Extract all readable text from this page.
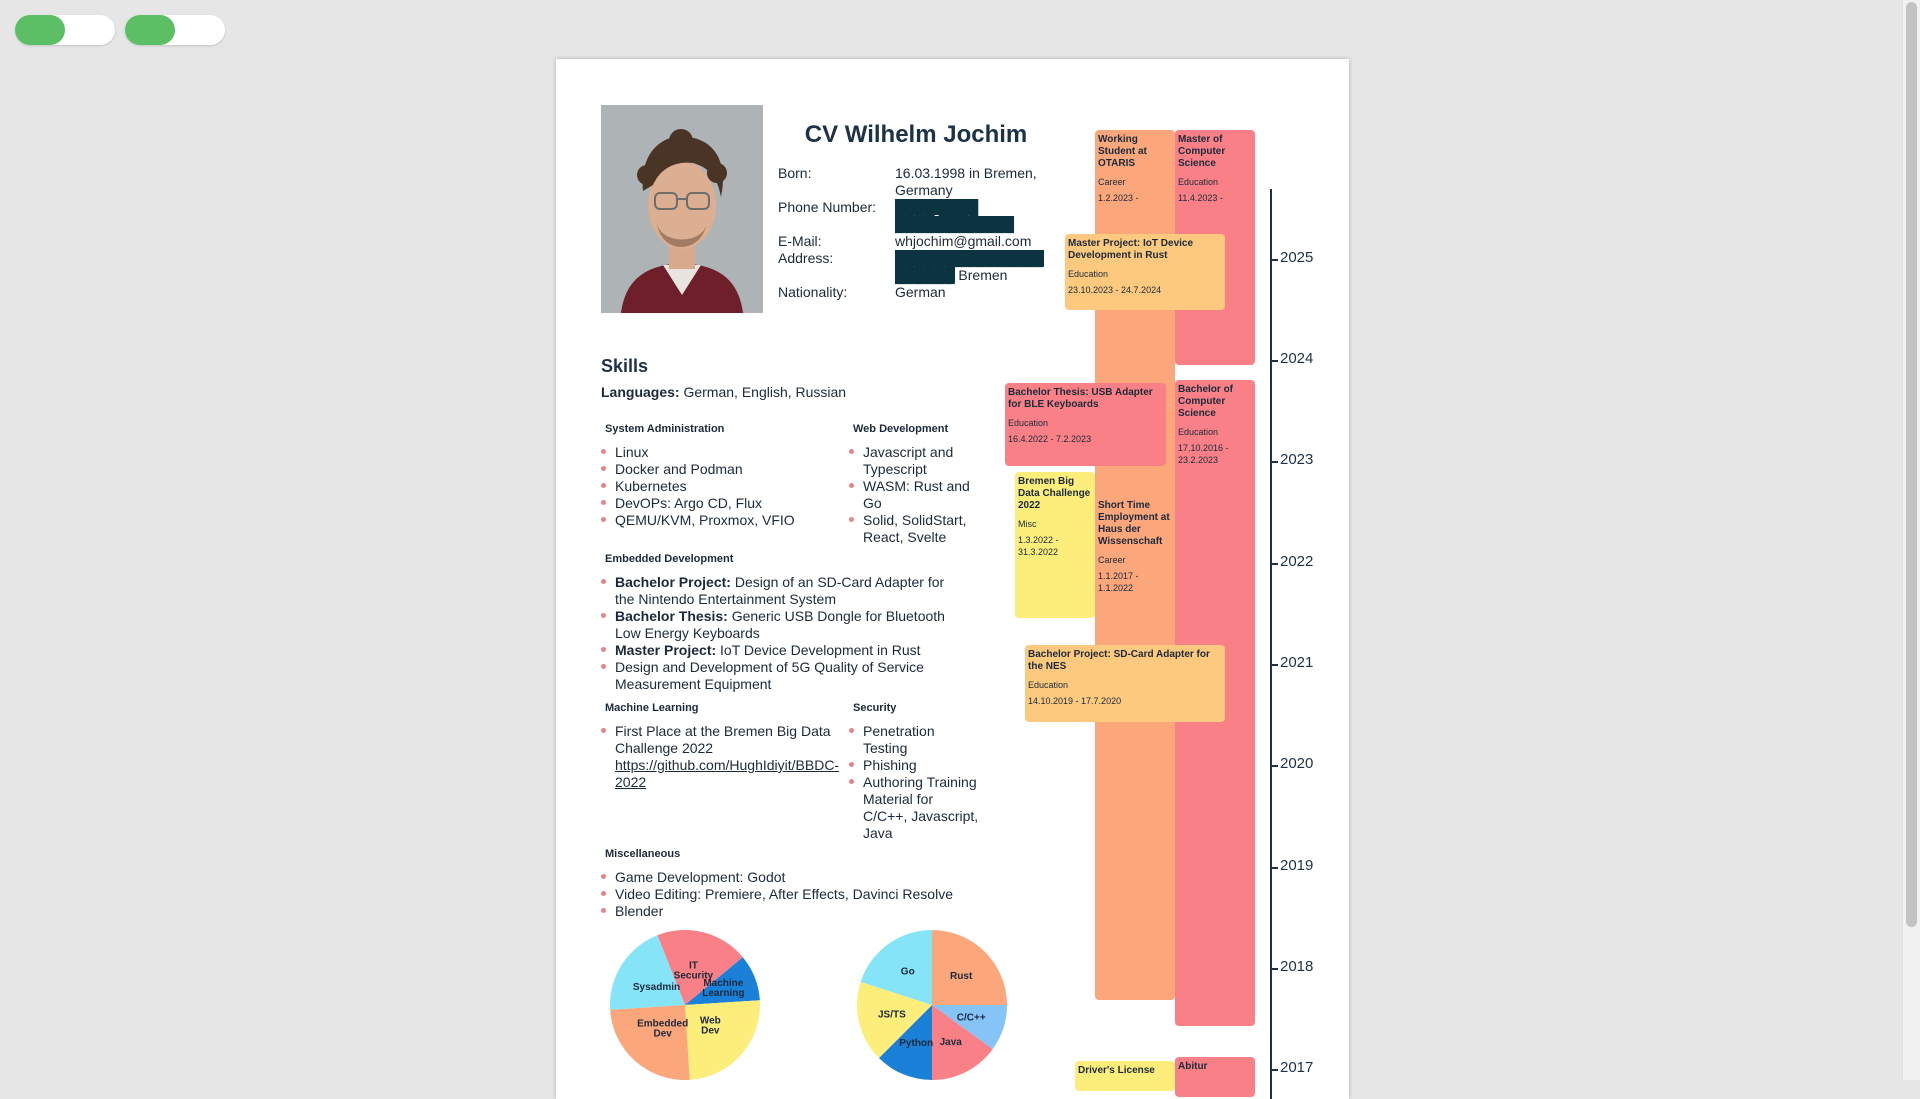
CV Wilhelm Jochim
Born:	16.03.1998 in Bremen, Germany
Phone Number:	████ ████ ████████████
E-Mail:	whjochim@gmail.com
Address:	███████████████
██████ Bremen
Nationality:	German
Skills
Languages: German, English, Russian
System Administration
Linux
Docker and Podman
Kubernetes
DevOPs: Argo CD, Flux
QEMU/KVM, Proxmox, VFIO
Web Development
Javascript and Typescript
WASM: Rust and Go
Solid, SolidStart, React, Svelte
Embedded Development
Bachelor Project: Design of an SD-Card Adapter for the Nintendo Entertainment System
Bachelor Thesis: Generic USB Dongle for Bluetooth Low Energy Keyboards
Master Project: IoT Device Development in Rust
Design and Development of 5G Quality of Service Measurement Equipment
Machine Learning
First Place at the Bremen Big Data Challenge 2022
https://github.com/HughIdiyit/BBDC-2022
Security
Penetration Testing
Phishing
Authoring Training Material for C/C++, Javascript, Java
Miscellaneous
Game Development: Godot
Video Editing: Premiere, After Effects, Davinci Resolve
Blender
IT Security
Machine Learning
Web Dev
Embedded Dev
Sysadmin
Rust
C/C++
Java
Python
JS/TS
Go
Working Student at OTARIS
Career
1.2.2023 -
Master of Computer Science
Education
11.4.2023 -
Master Project: IoT Device Development in Rust
Education
23.10.2023 - 24.7.2024
Bachelor of Computer Science
Education
17.10.2016 - 23.2.2023
Bachelor Thesis: USB Adapter for BLE Keyboards
Education
16.4.2022 - 7.2.2023
Bremen Big Data Challenge 2022
Misc
1.3.2022 - 31.3.2022
Short Time Employment at Haus der Wissenschaft
Career
1.1.2017 - 1.1.2022
Bachelor Project: SD-Card Adapter for the NES
Education
14.10.2019 - 17.7.2020
Driver's License	Abitur
2025
2024
2023
2022
2021
2020
2019
2018
2017
